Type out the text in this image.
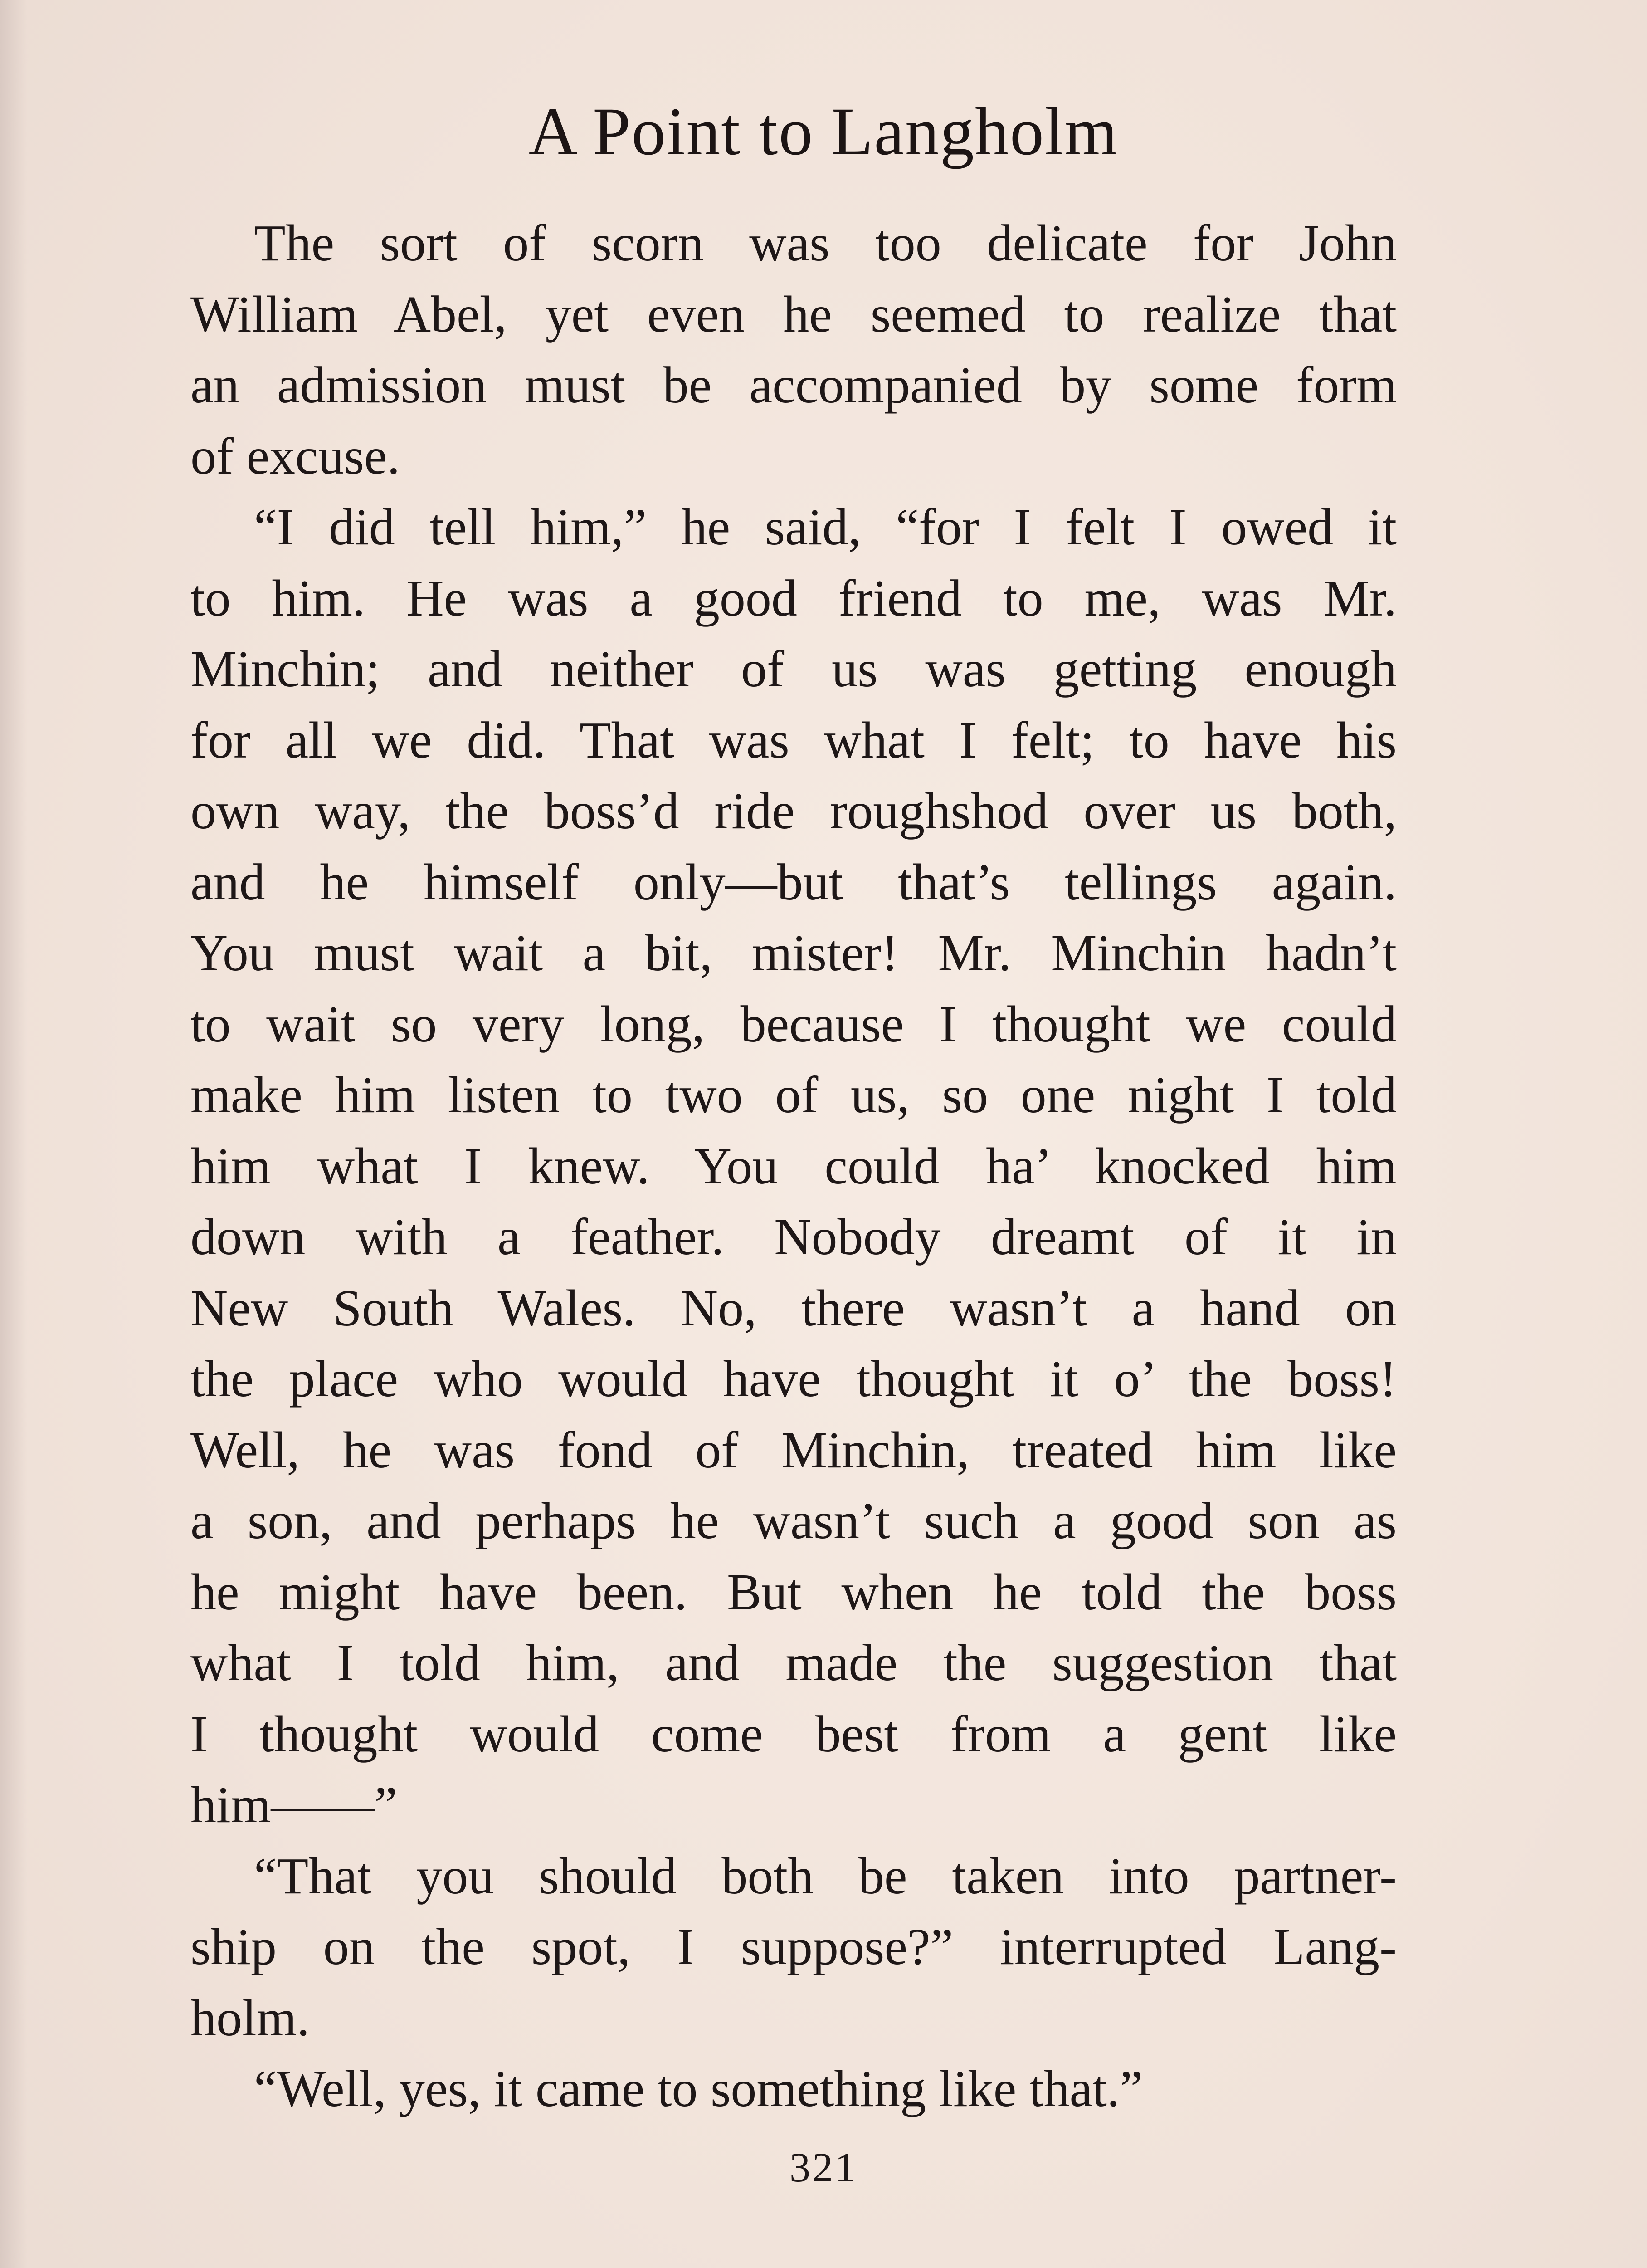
A Point to Langholm
The sort of scorn was too delicate for John
William Abel, yet even he seemed to realize that
an admission must be accompanied by some form
of excuse.
“I did tell him,” he said, “for I felt I owed it
to him. He was a good friend to me, was Mr.
Minchin; and neither of us was getting enough
for all we did. That was what I felt; to have his
own way, the boss’d ride roughshod over us both,
and he himself only—but that’s tellings again.
You must wait a bit, mister! Mr. Minchin hadn’t
to wait so very long, because I thought we could
make him listen to two of us, so one night I told
him what I knew. You could ha’ knocked him
down with a feather. Nobody dreamt of it in
New South Wales. No, there wasn’t a hand on
the place who would have thought it o’ the boss!
Well, he was fond of Minchin, treated him like
a son, and perhaps he wasn’t such a good son as
he might have been. But when he told the boss
what I told him, and made the suggestion that
I thought would come best from a gent like
him——”
“That you should both be taken into partner-
ship on the spot, I suppose?” interrupted Lang-
holm.
“Well, yes, it came to something like that.”
321
